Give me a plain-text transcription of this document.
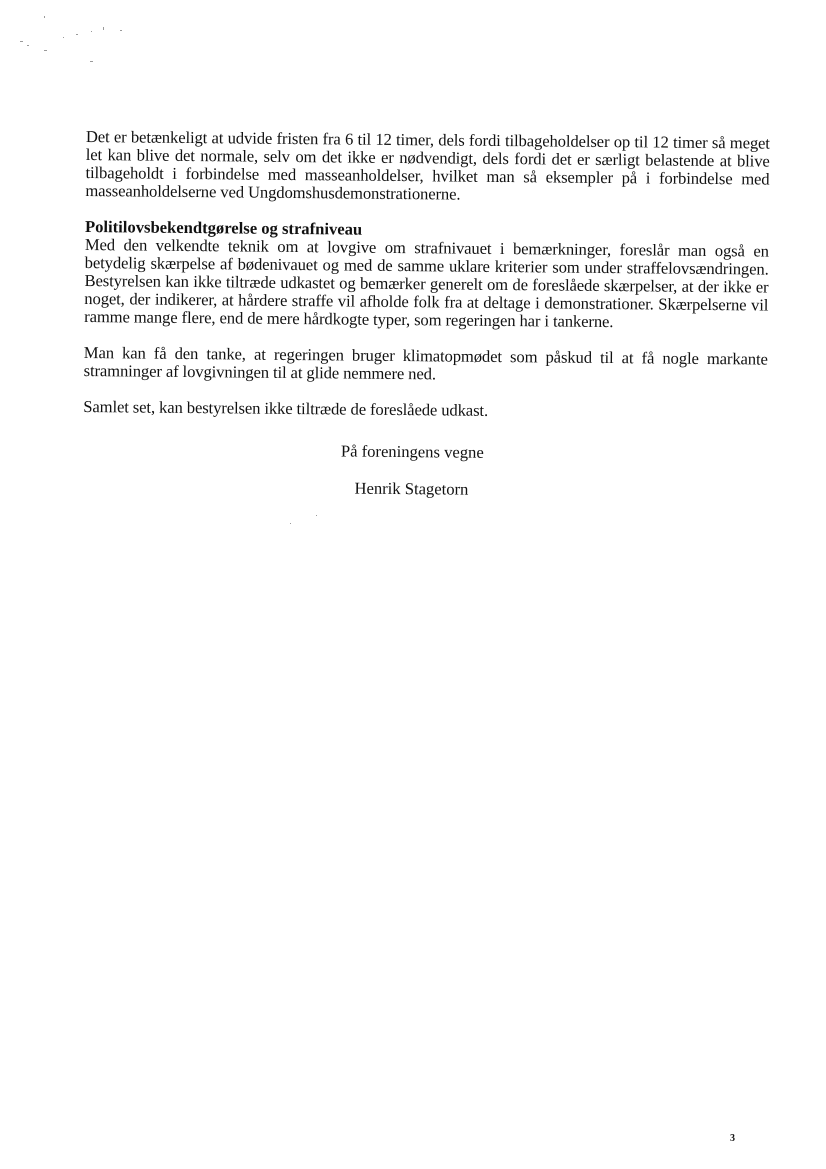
Det er betænkeligt at udvide fristen fra 6 til 12 timer, dels fordi tilbageholdelser op til 12 timer så meget let kan blive det normale, selv om det ikke er nødvendigt, dels fordi det er særligt belastende at blive tilbageholdt i forbindelse med masseanholdelser, hvilket man så eksempler på i forbindelse med masseanholdelserne ved Ungdomshusdemonstrationerne.

Politilovsbekendtgørelse og strafniveau

Med den velkendte teknik om at lovgive om strafnivauet i bemærkninger, foreslår man også en betydelig skærpelse af bødenivauet og med de samme uklare kriterier som under straffelovsændringen. Bestyrelsen kan ikke tiltræde udkastet og bemærker generelt om de foreslåede skærpelser, at der ikke er noget, der indikerer, at hårdere straffe vil afholde folk fra at deltage i demonstrationer. Skærpelserne vil ramme mange flere, end de mere hårdkogte typer, som regeringen har i tankerne.

Man kan få den tanke, at regeringen bruger klimatopmødet som påskud til at få nogle markante stramninger af lovgivningen til at glide nemmere ned.

Samlet set, kan bestyrelsen ikke tiltræde de foreslåede udkast.

På foreningens vegne
Henrik Stagetorn
3
